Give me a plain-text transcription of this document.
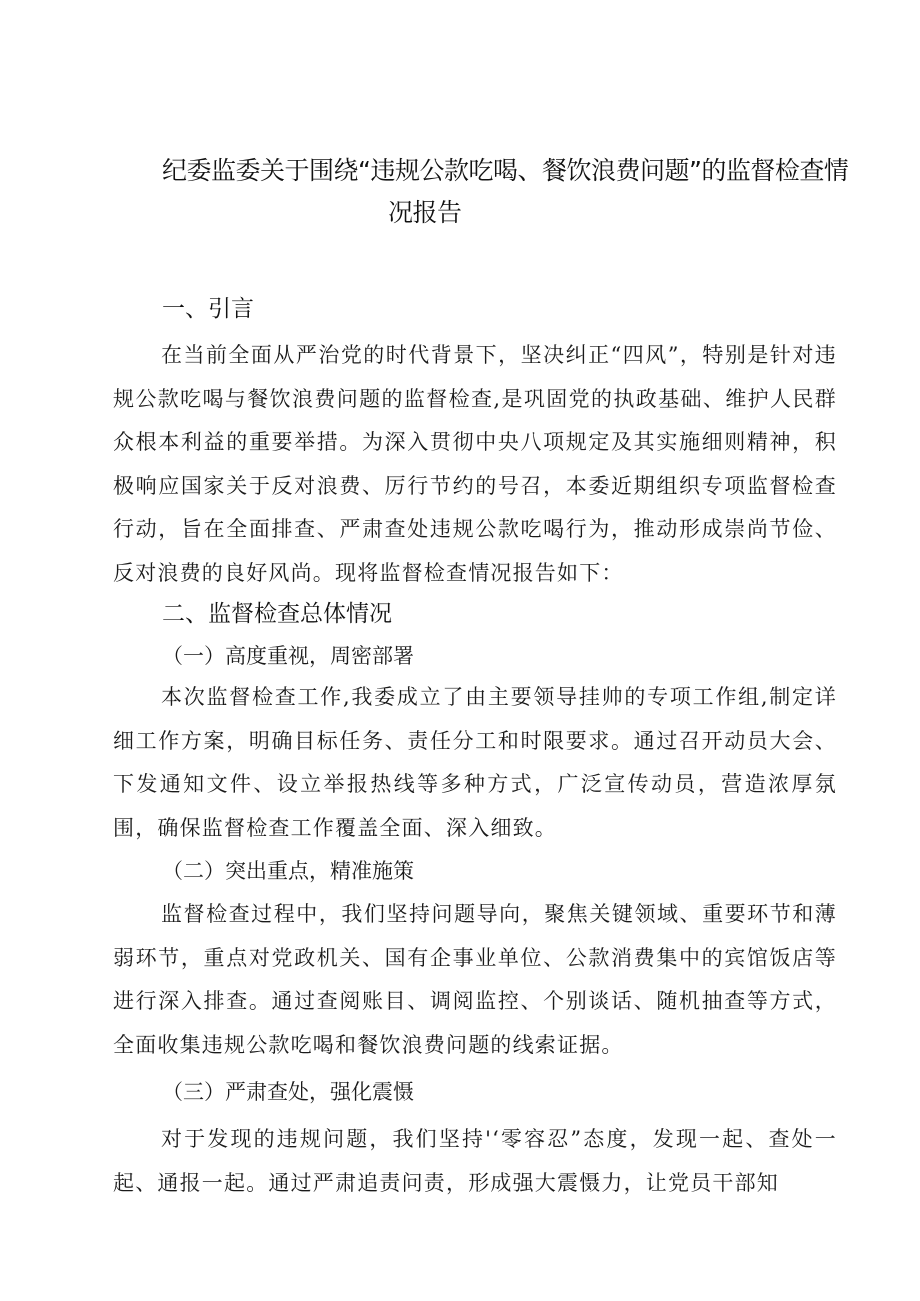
纪委监委关于围绕“违规公款吃喝、餐饮浪费问题”的监督检查情
况报告
一、引言

在当前全面从严治党的时代背景下，坚决纠正“四风”，特别是针对违规公款吃喝与餐饮浪费问题的监督检查,是巩固党的执政基础、维护人民群众根本利益的重要举措。为深入贯彻中央八项规定及其实施细则精神，积极响应国家关于反对浪费、厉行节约的号召，本委近期组织专项监督检查行动，旨在全面排查、严肃查处违规公款吃喝行为，推动形成崇尚节俭、反对浪费的良好风尚。现将监督检查情况报告如下：

二、监督检查总体情况
（一）高度重视，周密部署

本次监督检查工作,我委成立了由主要领导挂帅的专项工作组,制定详细工作方案，明确目标任务、责任分工和时限要求。通过召开动员大会、下发通知文件、设立举报热线等多种方式，广泛宣传动员，营造浓厚氛围，确保监督检查工作覆盖全面、深入细致。

（二）突出重点，精准施策

监督检查过程中，我们坚持问题导向，聚焦关键领域、重要环节和薄弱环节，重点对党政机关、国有企事业单位、公款消费集中的宾馆饭店等进行深入排查。通过查阅账目、调阅监控、个别谈话、随机抽查等方式，全面收集违规公款吃喝和餐饮浪费问题的线索证据。

（三）严肃查处，强化震慑

对于发现的违规问题，我们坚持'‘零容忍”态度，发现一起、查处一起、通报一起。通过严肃追责问责，形成强大震慑力，让党员干部知
